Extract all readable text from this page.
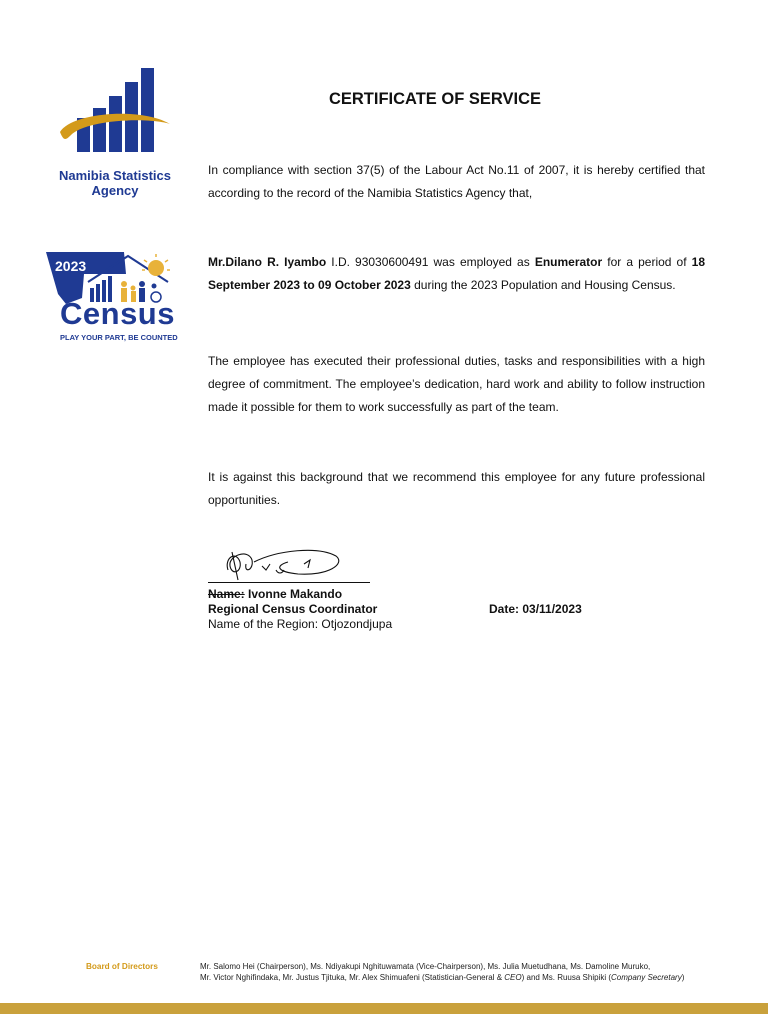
Namibia Statistics
Agency
2023
Census
PLAY YOUR PART, BE COUNTED
CERTIFICATE OF SERVICE
In compliance with section 37(5) of the Labour Act No.11 of 2007, it is hereby certified that according to the record of the Namibia Statistics Agency that,
Mr.Dilano R. Iyambo I.D. 93030600491 was employed as Enumerator for a period of 18 September 2023 to 09 October 2023 during the 2023 Population and Housing Census.
The employee has executed their professional duties, tasks and responsibilities with a high degree of commitment. The employee’s dedication, hard work and ability to follow instruction made it possible for them to work successfully as part of the team.
It is against this background that we recommend this employee for any future professional opportunities.
Name: Ivonne Makando
Regional Census Coordinator	Date: 03/11/2023
Name of the Region: Otjozondjupa
Board of Directors	Mr. Salomo Hei (Chairperson), Ms. Ndiyakupi Nghituwamata (Vice-Chairperson), Ms. Julia Muetudhana, Ms. Damoline Muruko,
Mr. Victor Nghifindaka, Mr. Justus Tjituka, Mr. Alex Shimuafeni (Statistician-General & CEO) and Ms. Ruusa Shipiki (Company Secretary)
